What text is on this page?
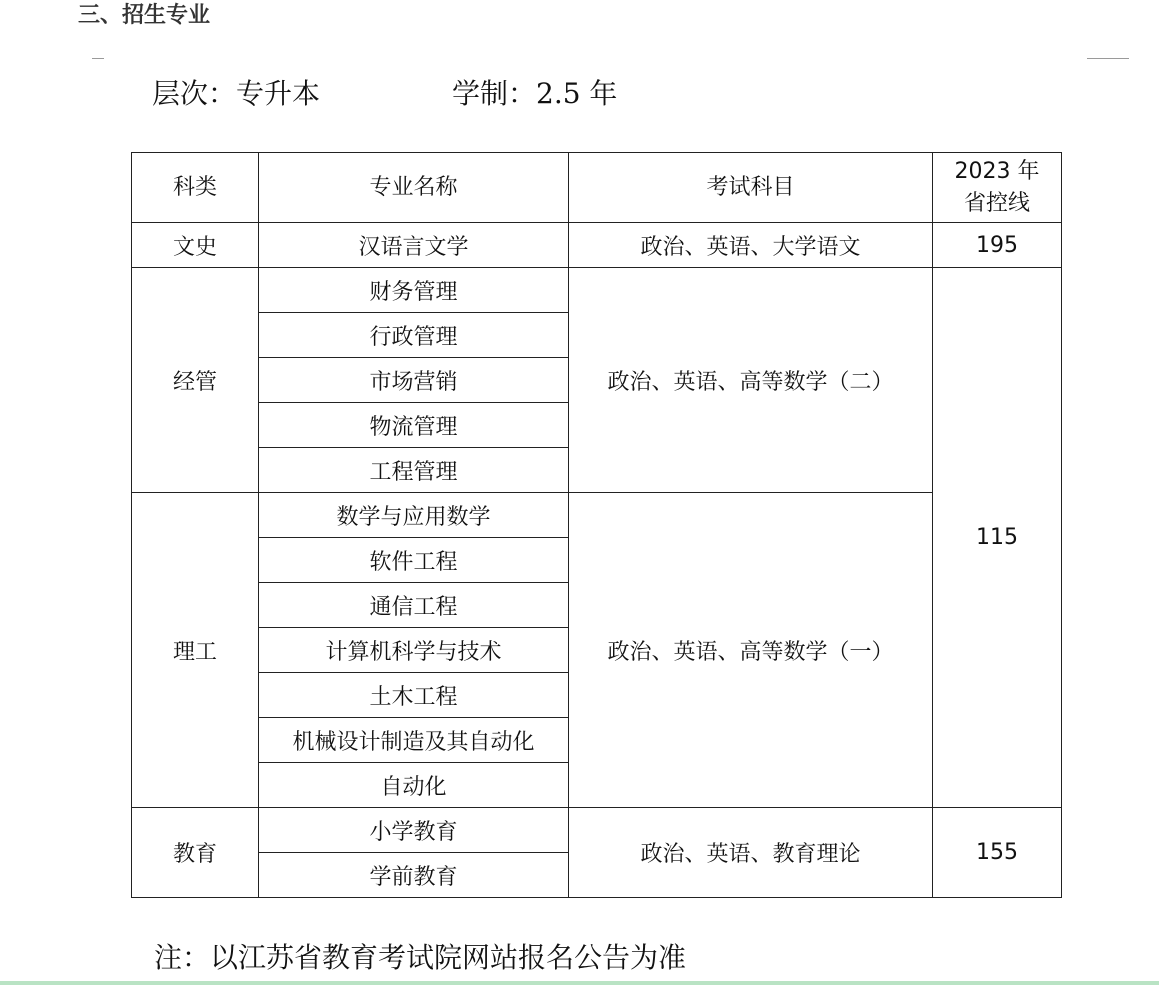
三、招生专业
层次：专升本	学制：2.5 年
科类	专业名称	考试科目	2023 年
省控线

文史	汉语言文学	政治、英语、大学语文	195
经管	财务管理	政治、英语、高等数学（二）	115
	行政管理		
	市场营销		
	物流管理		
	工程管理		
理工	数学与应用数学	政治、英语、高等数学（一）	
	软件工程		
	通信工程		
	计算机科学与技术		
	土木工程		
	机械设计制造及其自动化		
	自动化		
教育	小学教育	政治、英语、教育理论	155
	学前教育		
注：以江苏省教育考试院网站报名公告为准
